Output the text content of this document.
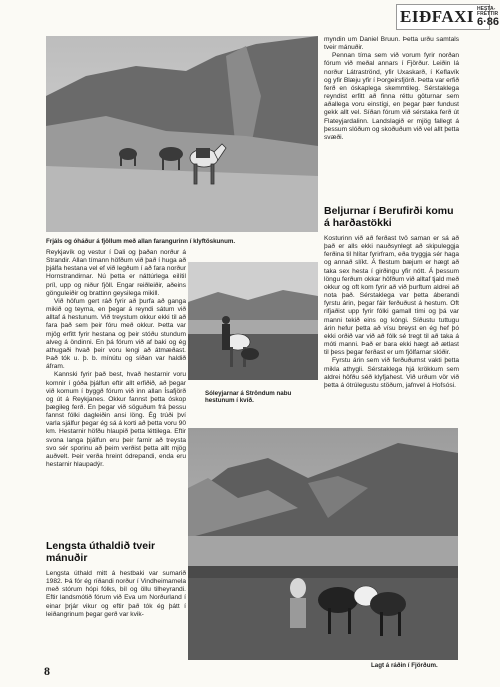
EIÐFAXI HESTA-FRÉTTIR
6·86
Frjáls og óháður á fjöllum með allan farangurinn í klyftöskunum.

Reykjavík og vestur í Dali og þaðan norður á Strandir. Allan tímann höfðum við það í huga að þjálfa hestana vel ef við legðum í að fara norður Hornstrandirnar. Nú þetta er náttúrlega eilítil príl, upp og niður fjöll. Engar reiðleiðir, aðeins gönguleiðir og brattinn geysilega mikill.

Við höfum gert ráð fyrir að þurfa að ganga mikið og teyma, en þegar á reyndi sátum við alltaf á hestunum. Við treystum okkur ekki til að fara það sem þeir fóru með okkur. Þetta var mjög erfitt fyrir hestana og þeir stóðu stundum alveg á öndinni. En þá fórum við af baki og ég athugaði hvað þeir voru lengi að átmæðast. Það tók u. þ. b. mínútu og síðan var haldið áfram.

Kannski fyrir það best, hvað hestarnir voru komnir í góða þjálfun eftir allt erfiðið, að þegar við komum í byggð fórum við inn allan Ísafjörð og út á Reykjanes. Okkur fannst þetta óskop þægileg ferð. En þegar við söguðum frá þessu fannst fólki dagleiðin ansi löng. Ég trúði því varla sjálfur þegar ég sá á korti að þetta voru 90 km. Hestarnir höfðu hlaupið þetta léttilega. Eftir svona langa þjálfun eru þeir farnir að treysta svo sér sporinu að þeim verðist þetta allt mjög auðvelt. Þeir verða hreint ódrepandi, enda eru hestarnir hlaupadýr.

Lengsta úthaldið tveir mánuðir

Lengsta úthald mitt á hestbaki var sumarið 1982. Þá fór ég ríðandi norður í Vindheimamela með stórum hópi fólks, bíl og öllu tilheyrandi. Eftir landsmótið fórum við Eva um Norðurland í einar þrjár vikur og eftir það tók ég þátt í leiðangrinum þegar gerð var kvik-

myndin um Daniel Bruun. Þetta urðu samtals tveir mánuðir.

Pennan tíma sem við vorum fyrir norðan fórum við meðal annars í Fjörður. Leiðin lá norður Látraströnd, yfir Uxaskarð, í Keflavík og yfir Blæju yfir í Þorgeirsfjörð. Þetta var erfið ferð en óskaplega skemmtileg. Sérstaklega reyndist erfitt að finna réttu göturnar sem aðallega voru einstígi, en þegar þær fundust gekk allt vel. Síðan fórum við sérstaka ferð út Flateyjardalinn. Landslagið er mjög fallegt á þessum slóðum og skoðuðum við vel allt þetta svæði.

Beljurnar í Berufirði komu á harðastökki

Kosturinn við að ferðast tvö saman er sá að það er alls ekki nauðsynlegt að skipuleggja ferðina til hlítar fyrirfram, eða tryggja sér haga og annað slíkt. Á flestum bæjum er hægt að taka sex hesta í girðingu yfir nótt. Á þessum löngu ferðum okkar höfðum við alltaf tjald með okkur og oft kom fyrir að við þurftum aldrei að nota það. Sérstaklega var þetta áberandi fyrstu árin, þegar fáir ferðuðust á hestum. Oft rifjaðist upp fyrir fólki gamall tími og þá var manni tekið eins og kóngi. Síðustu tuttugu árin hefur þetta að vísu breyst en ég hef þó ekki orðið var við að fólk sé tregt til að taka á móti manni. Það er bara ekki hægt að ætlast til þess þegar ferðast er um fjölfarnar slóðir.

Fyrstu árin sem við ferðuðumst vakti þetta mikla athygli. Sérstaklega hjá krökkum sem aldrei höfðu séð klyfjahest. Við urðum vör við þetta á ótrúlegustu stöðum, jafnvel á Hofsósi.

Sóleyjarnar á Ströndum nabu hestunum í kvíð.
Lagt á ráðin í Fjörðum.
8
